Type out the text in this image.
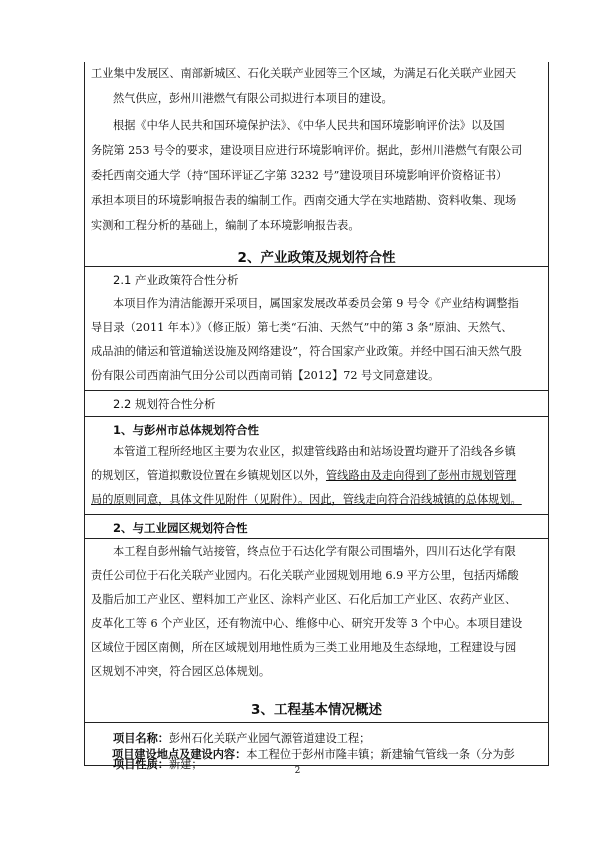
工业集中发展区、南部新城区、石化关联产业园等三个区域，为满足石化关联产业园天
然气供应，彭州川港燃气有限公司拟进行本项目的建设。
根据《中华人民共和国环境保护法》、《中华人民共和国环境影响评价法》以及国
务院第 253 号令的要求，建设项目应进行环境影响评价。据此，彭州川港燃气有限公司
委托西南交通大学（持“国环评证乙字第 3232 号”建设项目环境影响评价资格证书）
承担本项目的环境影响报告表的编制工作。西南交通大学在实地踏勘、资料收集、现场
实测和工程分析的基础上，编制了本环境影响报告表。
2、产业政策及规划符合性
2.1 产业政策符合性分析
本项目作为清洁能源开采项目，属国家发展改革委员会第 9 号令《产业结构调整指
导目录（2011 年本）》（修正版）第七类“石油、天然气”中的第 3 条“原油、天然气、
成品油的储运和管道输送设施及网络建设”，符合国家产业政策。并经中国石油天然气股
份有限公司西南油气田分公司以西南司销【2012】72 号文同意建设。
2.2 规划符合性分析
1、与彭州市总体规划符合性
本管道工程所经地区主要为农业区，拟建管线路由和站场设置均避开了沿线各乡镇
的规划区，管道拟敷设位置在乡镇规划区以外，管线路由及走向得到了彭州市规划管理
局的原则同意，具体文件见附件（见附件）。因此，管线走向符合沿线城镇的总体规划。
2、与工业园区规划符合性
本工程自彭州输气站接管，终点位于石达化学有限公司围墙外，四川石达化学有限
责任公司位于石化关联产业园内。石化关联产业园规划用地 6.9 平方公里，包括丙烯酸
及脂后加工产业区、塑料加工产业区、涂料产业区、石化后加工产业区、农药产业区、
皮革化工等 6 个产业区，还有物流中心、维修中心、研究开发等 3 个中心。本项目建设
区域位于园区南侧，所在区域规划用地性质为三类工业用地及生态绿地，工程建设与园
区规划不冲突，符合园区总体规划。
3、工程基本情况概述
项目名称：彭州石化关联产业园气源管道建设工程；
项目性质：新建；
项目建设地点及建设内容：本工程位于彭州市隆丰镇；新建输气管线一条（分为彭
2
